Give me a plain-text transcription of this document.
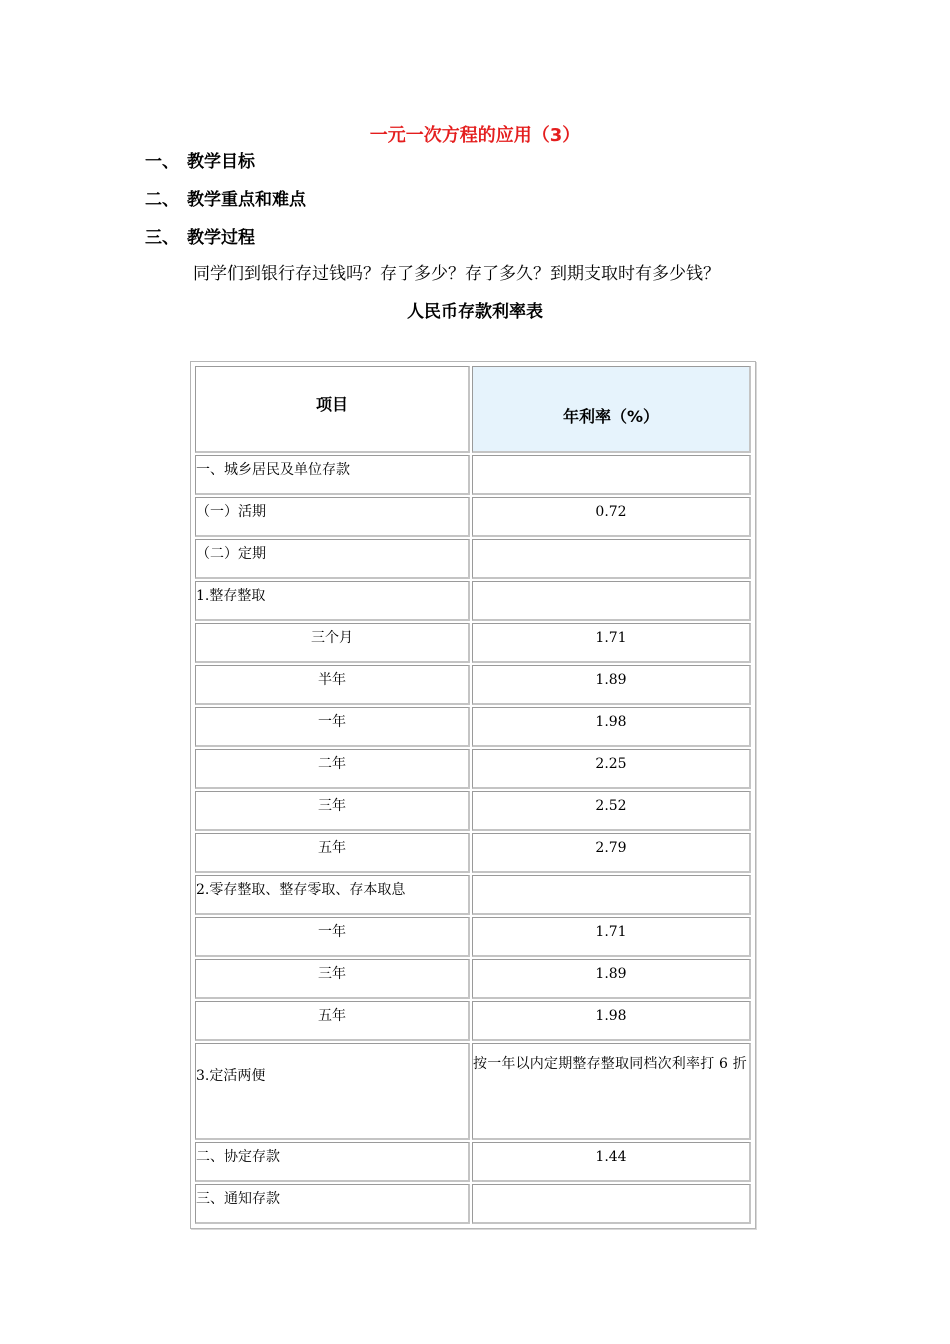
一元一次方程的应用（3）
一、 教学目标
二、 教学重点和难点
三、 教学过程
同学们到银行存过钱吗？存了多少？存了多久？到期支取时有多少钱？
人民币存款利率表
项目	年利率（%）
一、城乡居民及单位存款	
（一）活期	0.72
（二）定期	
1.整存整取	
三个月	1.71
半年	1.89
一年	1.98
二年	2.25
三年	2.52
五年	2.79
2.零存整取、整存零取、存本取息	
一年	1.71
三年	1.89
五年	1.98
3.定活两便	按一年以内定期整存整取同档次利率打 6 折
二、协定存款	1.44
三、通知存款	
